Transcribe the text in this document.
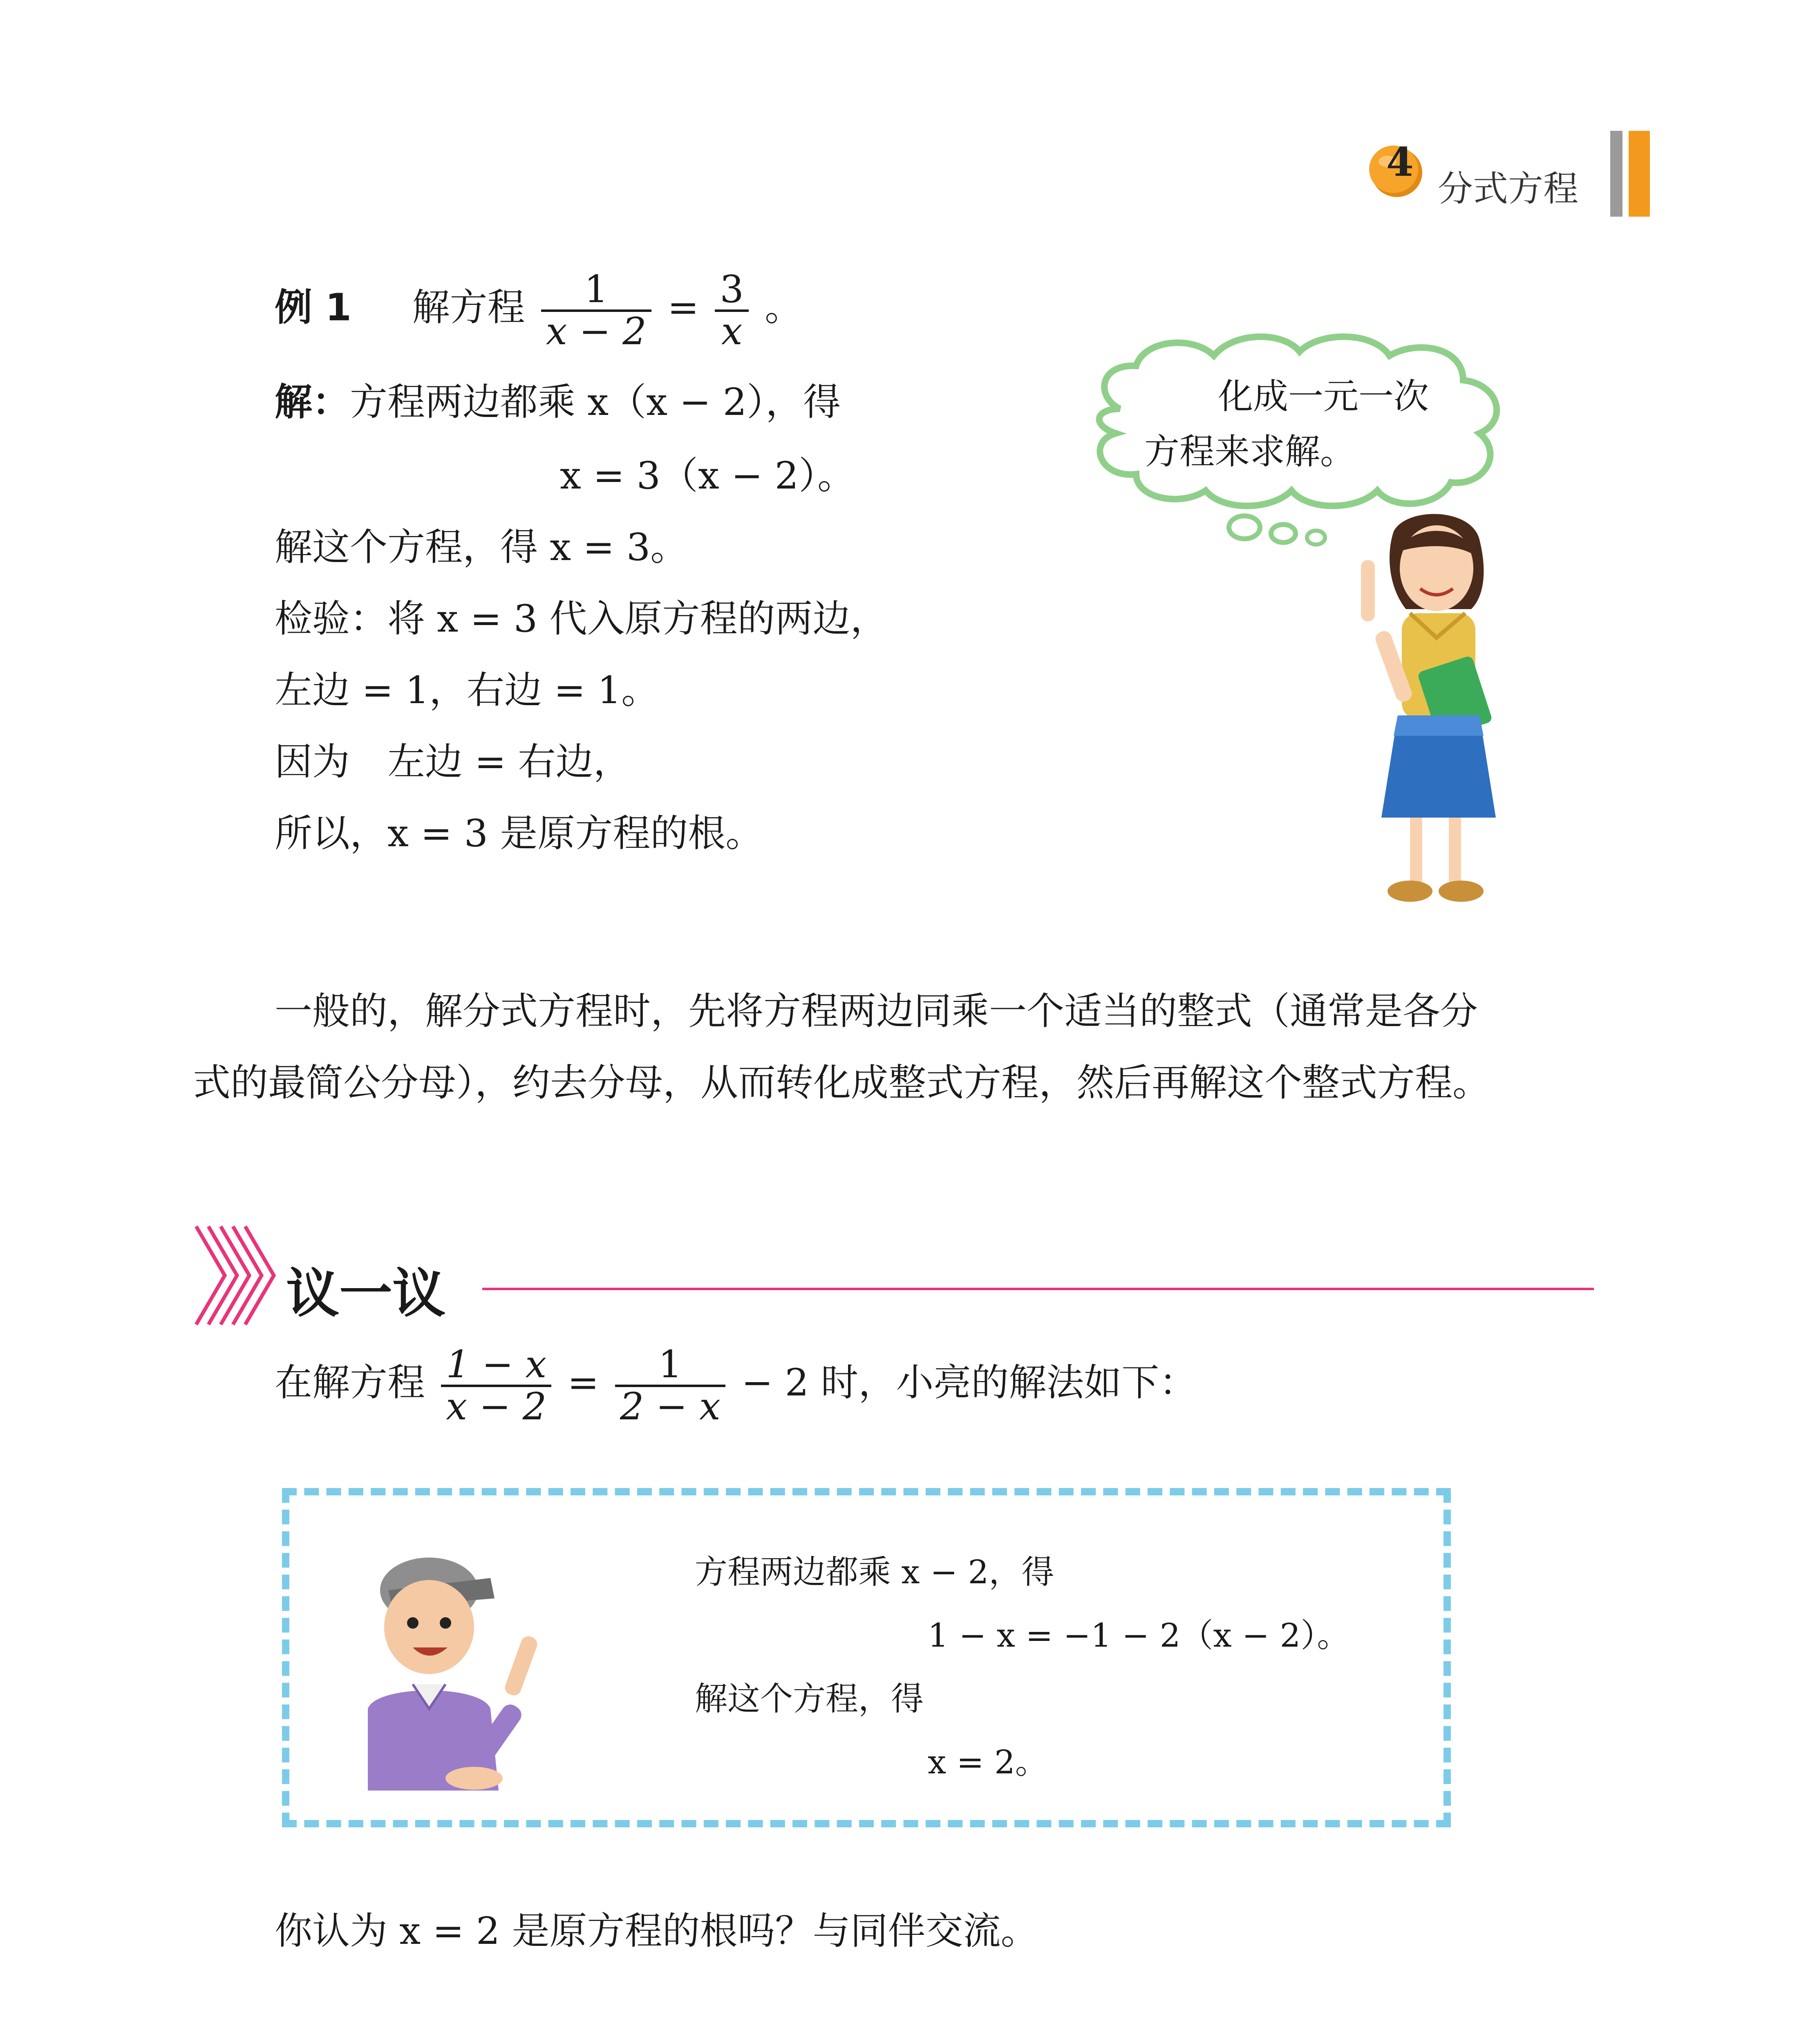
4
分式方程
例 1 解方程 $\frac{1}{x - 2} = \frac{3}{x}$ 。
解：方程两边都乘 x（x − 2），得
x = 3（x − 2）。
解这个方程，得 x = 3。
检验：将 x = 3 代入原方程的两边，
左边 = 1，右边 = 1。
因为　左边 = 右边，
所以，x = 3 是原方程的根。
化成一元一次
方程来求解。
一般的，解分式方程时，先将方程两边同乘一个适当的整式（通常是各分
式的最简公分母），约去分母，从而转化成整式方程，然后再解这个整式方程。
议一议
在解方程 $\frac{1 - x}{x - 2} = \frac{1}{2 - x} - 2$ 时，小亮的解法如下：
方程两边都乘 x − 2，得
1 − x = −1 − 2（x − 2）。
解这个方程，得
x = 2。
你认为 x = 2 是原方程的根吗？与同伴交流。
